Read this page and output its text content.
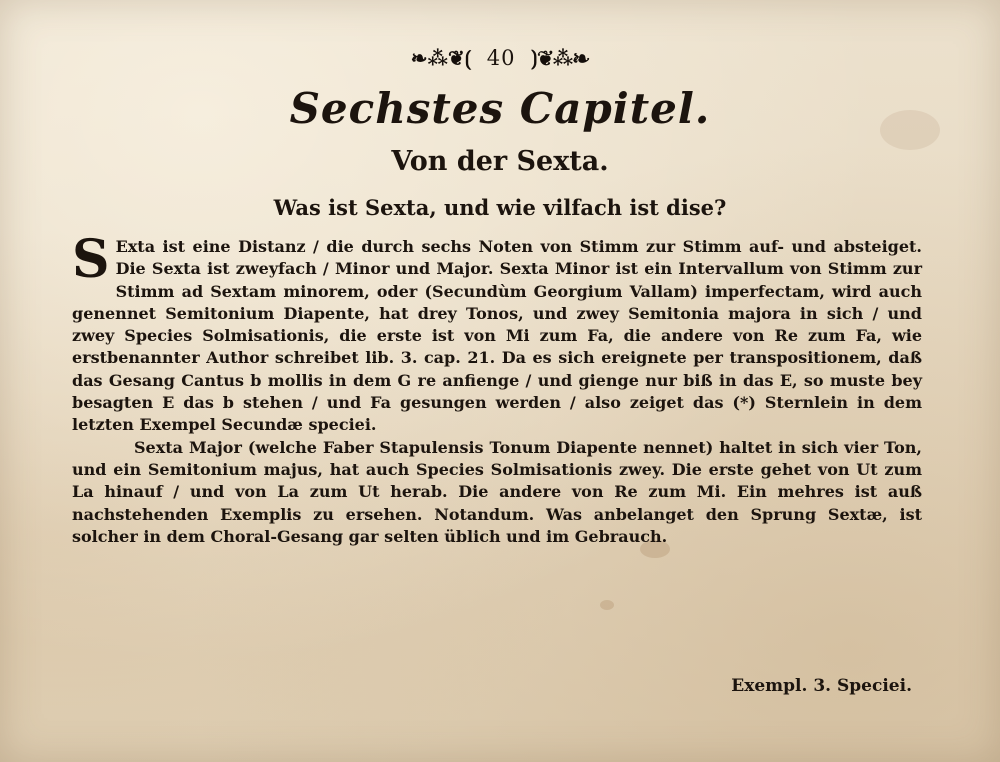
❧⁂❦⟮ 40 ⟯❦⁂❧
Sechstes Capitel.
Von der Sexta.
Was ist Sexta, und wie vilfach ist dise?

S Exta ist eine Distanz / die durch sechs Noten von Stimm zur Stimm auf- und absteiget. Die Sexta ist zweyfach / Minor und Major. Sexta Minor ist ein Intervallum von Stimm zur Stimm ad Sextam minorem, oder (Secundùm Georgium Vallam) imperfectam, wird auch genennet Semitonium Diapente, hat drey Tonos, und zwey Semitonia majora in sich / und zwey Species Solmisationis, die erste ist von Mi zum Fa, die andere von Re zum Fa, wie erstbenannter Author schreibet lib. 3. cap. 21. Da es sich ereignete per transpositionem, daß das Gesang Cantus b mollis in dem G re anfienge / und gienge nur biß in das E, so muste bey besagten E das b stehen / und Fa gesungen werden / also zeiget das (*) Sternlein in dem letzten Exempel Secundæ speciei.

Sexta Major (welche Faber Stapulensis Tonum Diapente nennet) haltet in sich vier Ton, und ein Semitonium majus, hat auch Species Solmisationis zwey. Die erste gehet von Ut zum La hinauf / und von La zum Ut herab. Die andere von Re zum Mi. Ein mehres ist auß nachstehenden Exemplis zu ersehen. Notandum. Was anbelanget den Sprung Sextæ, ist solcher in dem Choral-Gesang gar selten üblich und im Gebrauch.

Exempl. 3. Speciei.
